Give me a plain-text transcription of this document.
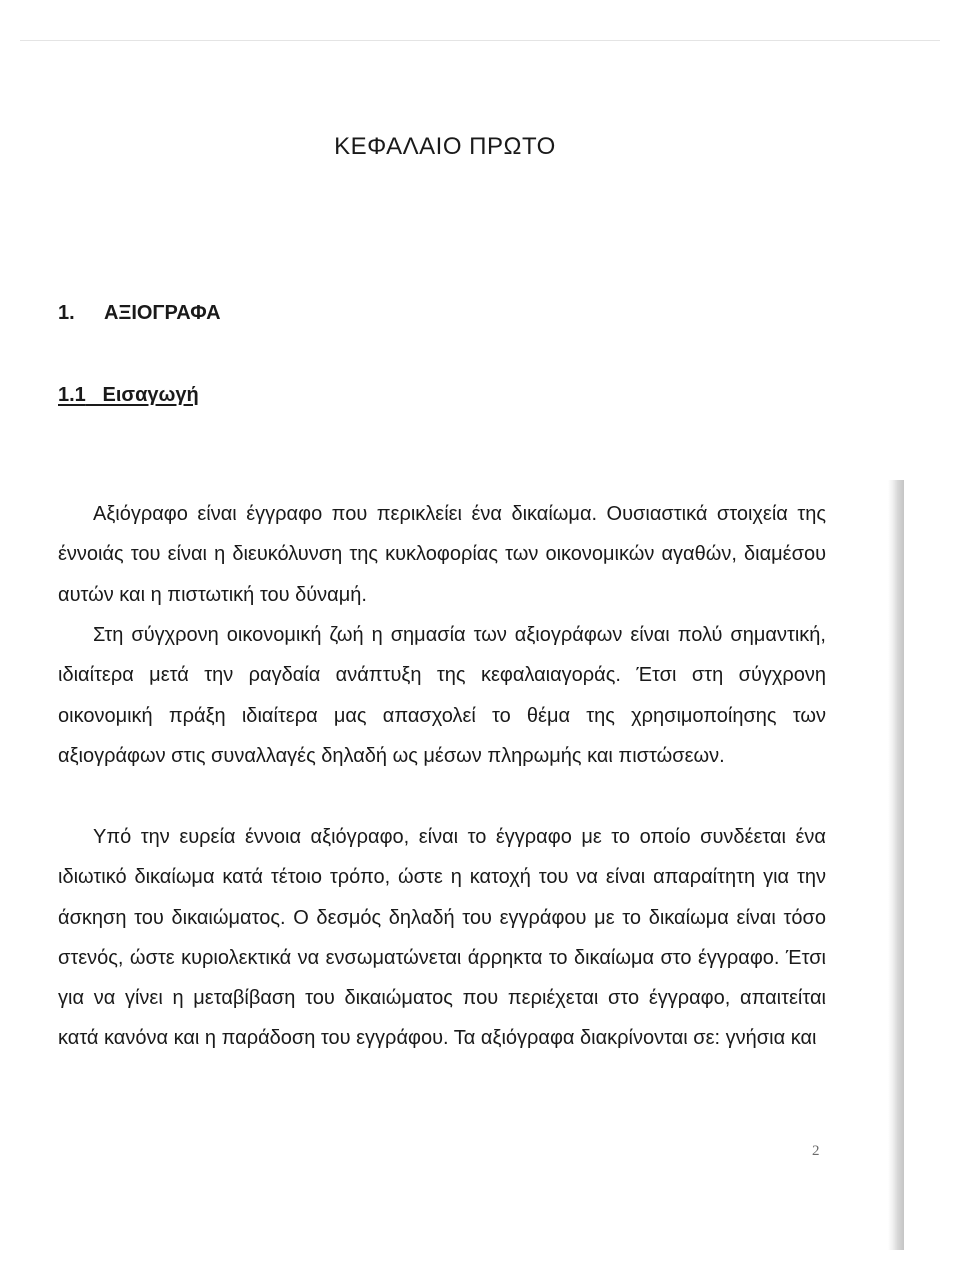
ΚΕΦΑΛΑΙΟ ΠΡΩΤΟ
1.	ΑΞΙΟΓΡΑΦΑ
1.1 Εισαγωγή

Αξιόγραφο είναι έγγραφο που περικλείει ένα δικαίωμα. Ουσιαστικά στοιχεία της έννοιάς του είναι η διευκόλυνση της κυκλοφορίας των οικονομικών αγαθών, διαμέσου αυτών και η πιστωτική του δύναμή.

Στη σύγχρονη οικονομική ζωή η σημασία των αξιογράφων είναι πολύ σημαντική, ιδιαίτερα μετά την ραγδαία ανάπτυξη της κεφαλαιαγοράς. Έτσι στη σύγχρονη οικονομική πράξη ιδιαίτερα μας απασχολεί το θέμα της χρησιμοποίησης των αξιογράφων στις συναλλαγές δηλαδή ως μέσων πληρωμής και πιστώσεων.

Υπό την ευρεία έννοια αξιόγραφο, είναι το έγγραφο με το οποίο συνδέεται ένα ιδιωτικό δικαίωμα κατά τέτοιο τρόπο, ώστε η κατοχή του να είναι απαραίτητη για την άσκηση του δικαιώματος. Ο δεσμός δηλαδή του εγγράφου με το δικαίωμα είναι τόσο στενός, ώστε κυριολεκτικά να ενσωματώνεται άρρηκτα το δικαίωμα στο έγγραφο. Έτσι για να γίνει η μεταβίβαση του δικαιώματος που περιέχεται στο έγγραφο, απαιτείται κατά κανόνα και η παράδοση του εγγράφου. Τα αξιόγραφα διακρίνονται σε: γνήσια και

2
